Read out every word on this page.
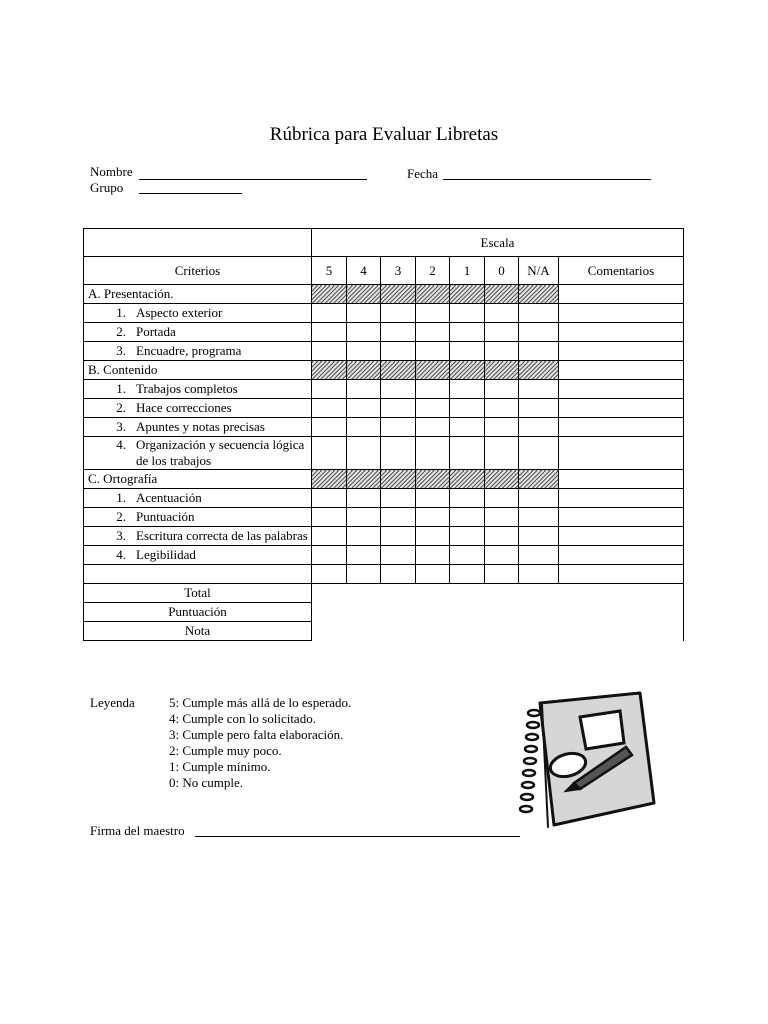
Rúbrica para Evaluar Libretas
Nombre	Fecha
Grupo
	Escala							
Criterios	5	4	3	2	1	0	N/A	Comentarios
A. Presentación.								

1. Aspecto exterior								

2. Portada								

3. Encuadre, programa								

B. Contenido								

1. Trabajos completos								

2. Hace correcciones								

3. Apuntes y notas precisas								

4. Organización y secuencia lógica de los trabajos								

C. Ortografía								

1. Acentuación								

2. Puntuación								

3. Escritura correcta de las palabras								

4. Legibilidad								

Total								
Puntuación								
Nota								
Leyenda	5: Cumple más allá de lo esperado.
4: Cumple con lo solicitado.
3: Cumple pero falta elaboración.
2: Cumple muy poco.
1: Cumple mínimo.
0: No cumple.
Firma del maestro
